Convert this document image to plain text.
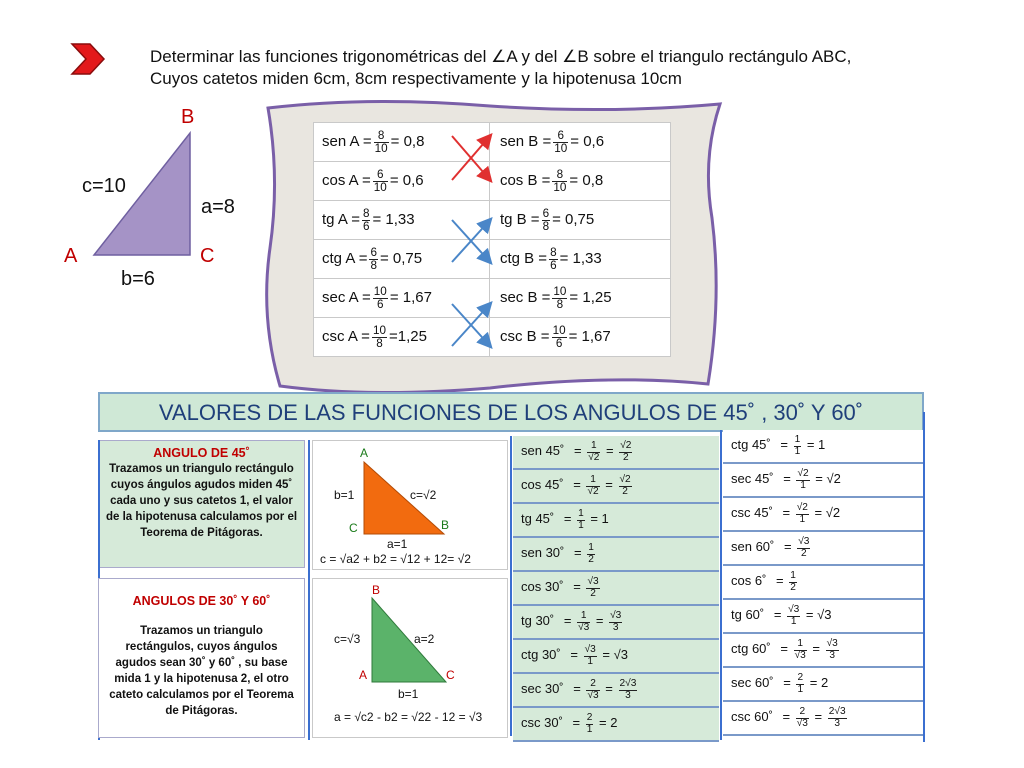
Determinar las funciones trigonométricas del ∠A y del ∠B sobre el triangulo rectángulo ABC,
Cuyos catetos miden 6cm, 8cm respectivamente y la hipotenusa 10cm
B
A	C
c=10
a=8
b=6
sen $A = \frac{8}{10} = 0,8$	sen $B = \frac{6}{10} = 0,6$
$\cos A = \frac{6}{10} = 0,6$	$\cos B = \frac{8}{10} = 0,8$
tg $A = \frac{8}{6} = 1,33$	tg $B = \frac{6}{8} = 0,75$
ctg $A = \frac{6}{8} = 0,75$	ctg $B = \frac{8}{6} = 1,33$
$\sec A = \frac{10}{6} = 1,67$	$\sec B = \frac{10}{8} = 1,25$
$\csc A = \frac{10}{8} =1,25$	$\csc B = \frac{10}{6} = 1,67$
VALORES DE LAS FUNCIONES DE LOS ANGULOS DE 45˚ , 30˚ Y 60˚
ANGULO DE 45˚
Trazamos un triangulo rectángulo cuyos ángulos agudos miden 45˚ cada uno y sus catetos 1, el valor de la hipotenusa calculamos por el Teorema de Pitágoras.
ANGULOS DE 30˚ Y 60˚
Trazamos un triangulo rectángulos, cuyos ángulos agudos sean 30˚ y 60˚ , su base mida 1 y la hipotenusa 2, el otro cateto calculamos por el Teorema de Pitágoras.
A
C	B
b=1	c=√2
a=1
c = √a2 + b2 = √12 + 12= √2
B
A	C
c=√3	a=2
b=1
a = √c2 - b2 = √22 - 12 = √3
sen 45˚ = $\frac{1}{√2} = \frac{√2}{2}$

cos 45˚ = $\frac{1}{√2} = \frac{√2}{2}$

tg 45˚ = $\frac{1}{1} = 1$
ctg 45˚ = $\frac{1}{1} = 1$
sec 45˚ = $\frac{√2}{1} = √2$
csc 45˚ = $\frac{√2}{1} = √2$
sen 30˚ = $\frac{1}{2}$

cos 30˚ = $\frac{√3}{2}$

tg 30˚ = $\frac{1}{√3} = \frac{√3}{3}$

ctg 30˚ = $\frac{√3}{1} = √3$
sec 30˚ = $\frac{2}{√3} = \frac{2√3}{3}$

csc 30˚ = $\frac{2}{1} = 2$
sen 60˚ = $\frac{√3}{2}$

cos 6˚ = $\frac{1}{2}$

tg 60˚ = $\frac{√3}{1} = √3$
ctg 60˚ = $\frac{1}{√3} = \frac{√3}{3}$

sec 60˚ = $\frac{2}{1} = 2$
csc 60˚ = $\frac{2}{√3} = \frac{2√3}{3}$
